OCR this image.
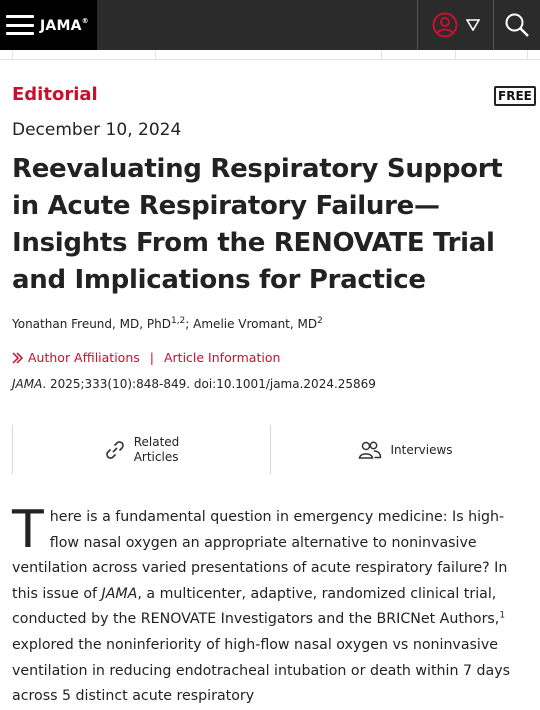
JAMA®
Editorial	FREE
December 10, 2024
Reevaluating Respiratory Support in Acute Respiratory Failure—Insights From the RENOVATE Trial and Implications for Practice
Yonathan Freund, MD, PhD$^{1,2}$; Amelie Vromant, $MD^2$
Author Affiliations | Article Information
JAMA. 2025;333(10):848-849. doi:10.1001/jama.2024.25869
Related
Articles	Interviews
There is a fundamental question in emergency medicine: Is high-flow nasal oxygen an appropriate alternative to noninvasive ventilation across varied presentations of acute respiratory failure? In this issue of JAMA, a multicenter, adaptive, randomized clinical trial, conducted by the RENOVATE Investigators and the BRICNet Authors,$^1$ explored the noninferiority of high-flow nasal oxygen vs noninvasive ventilation in reducing endotracheal intubation or death within 7 days across 5 distinct acute respiratory
